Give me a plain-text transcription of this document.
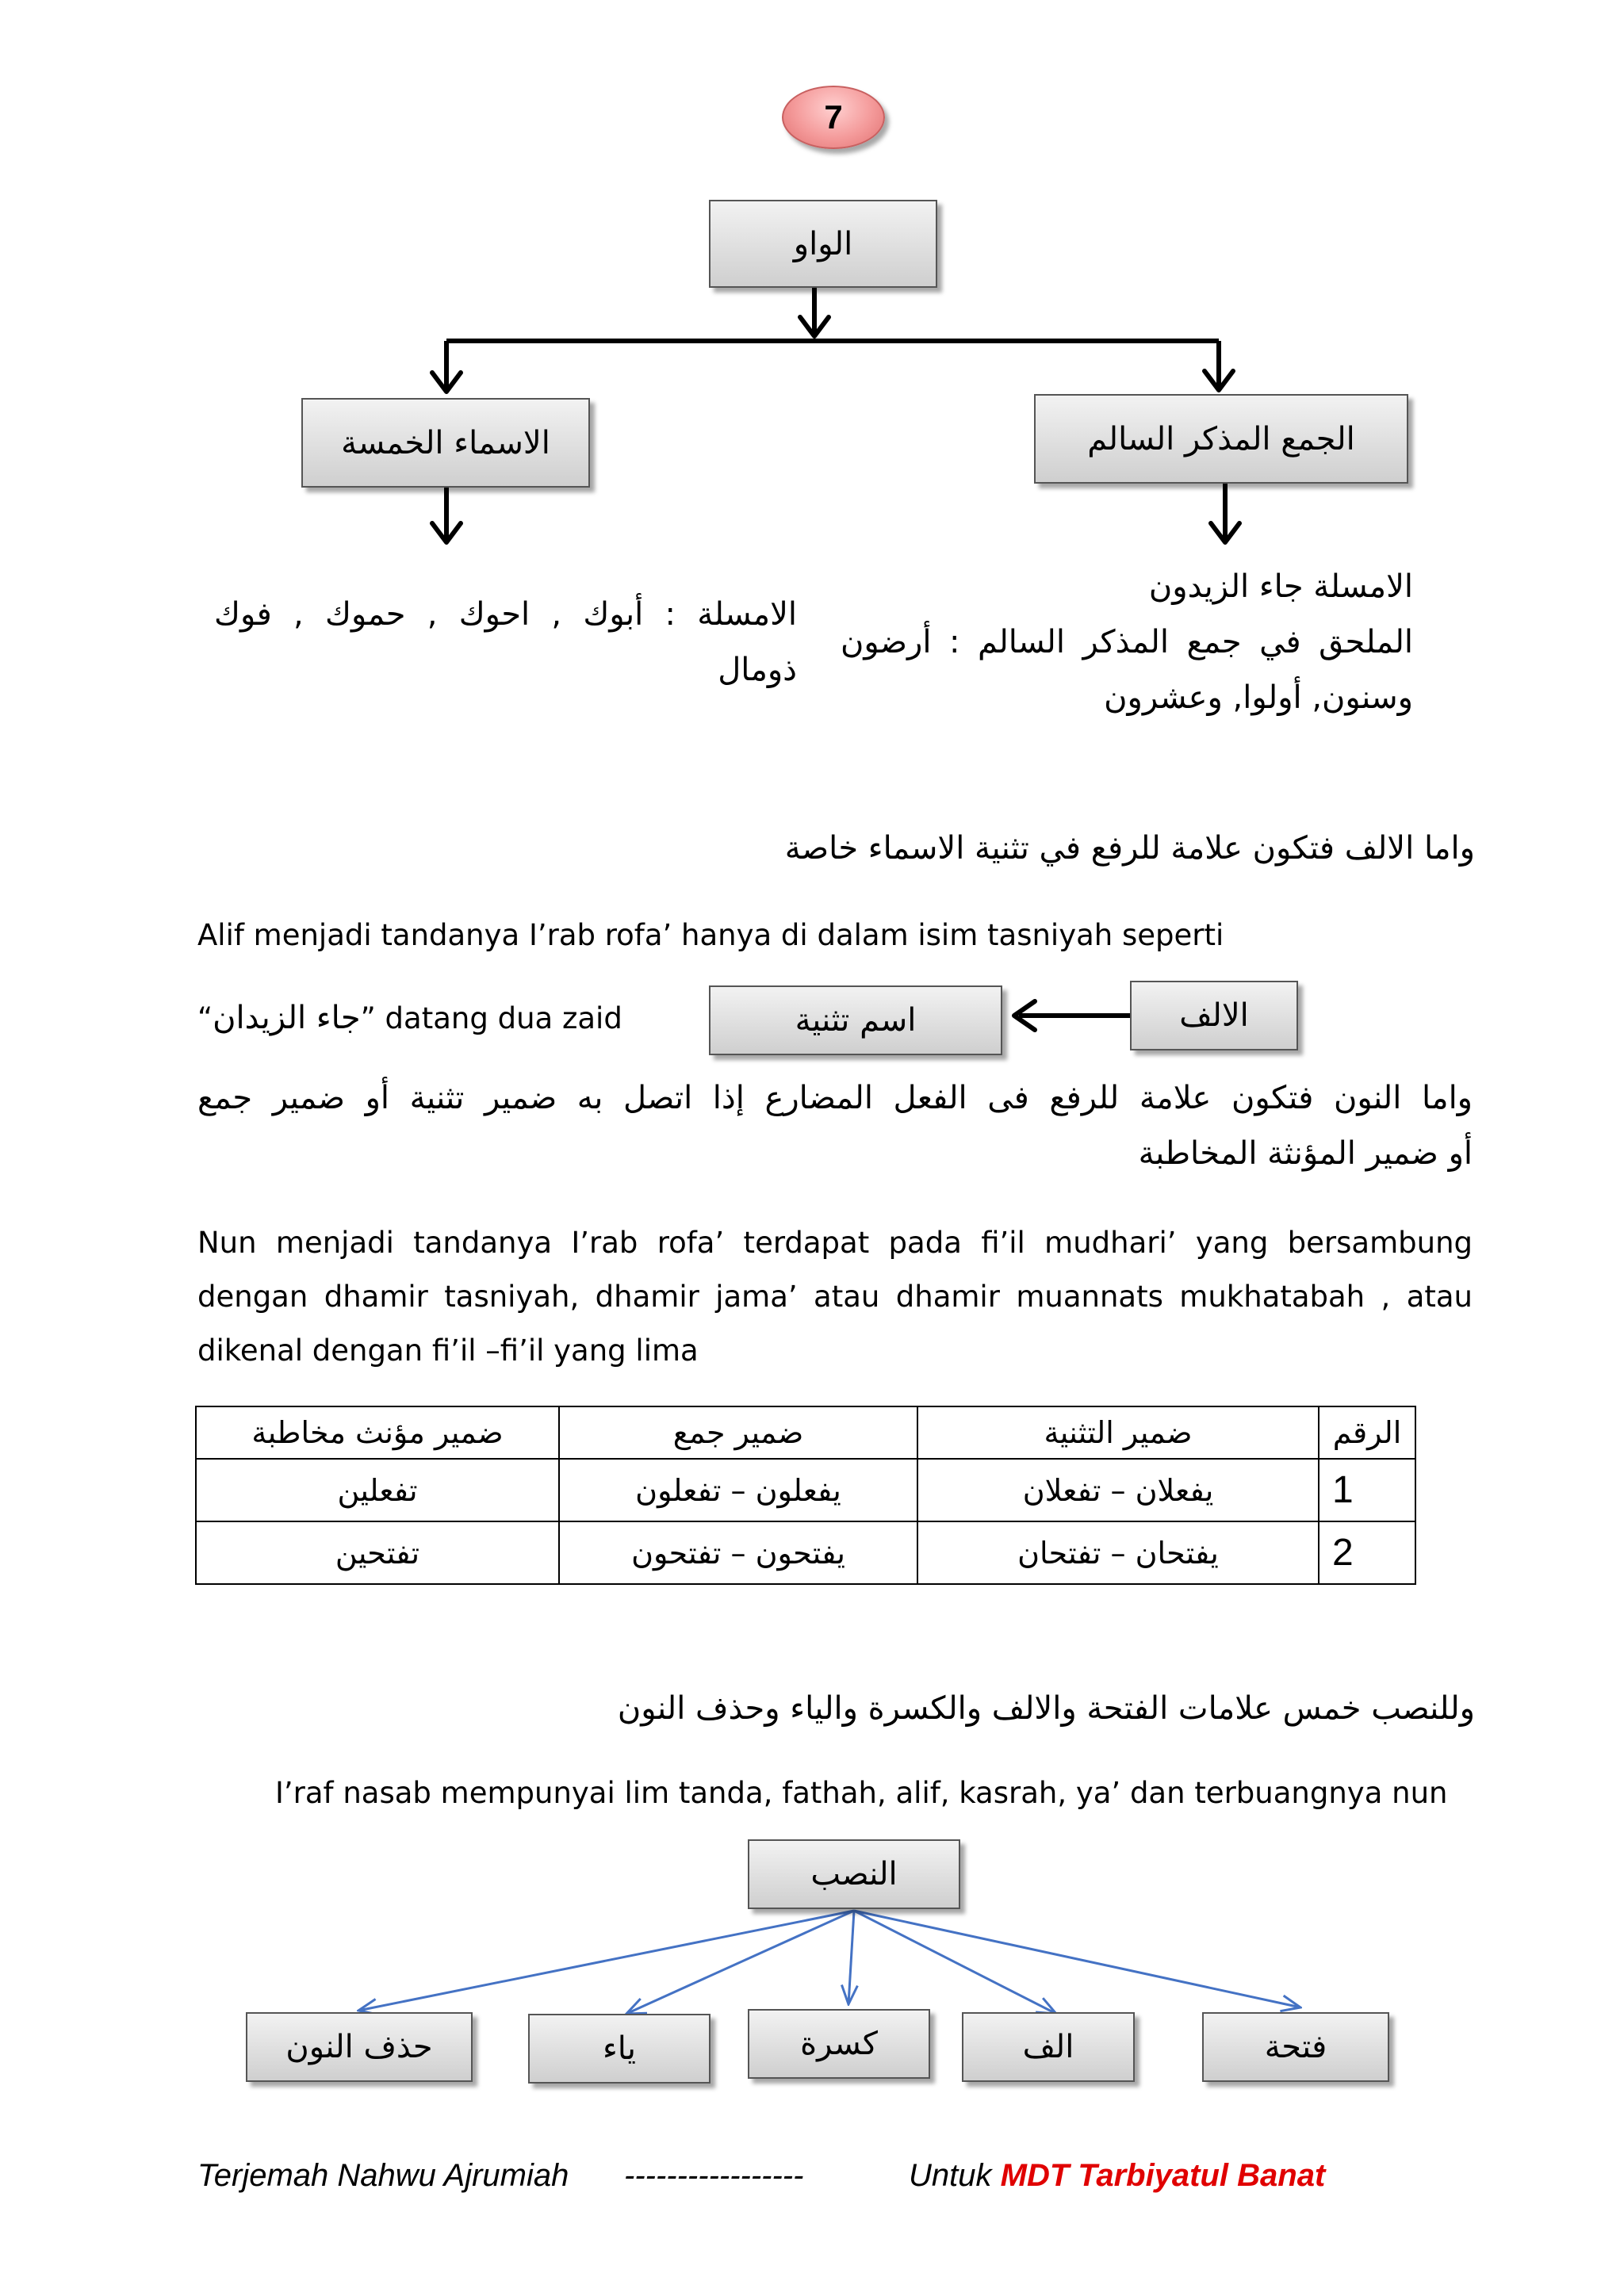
7
الواو
الاسماء الخمسة	الجمع المذكر السالم
الامسلة : أبوك , احوك , حموك , فوك
ذومال
الامسلة جاء الزيدون
الملحق في جمع المذكر السالم : أرضون
وسنون, أولوا, وعشرون
واما الالف فتكون علامة للرفع في تثنية الاسماء خاصة
Alif menjadi tandanya I’rab rofa’ hanya di dalam isim tasniyah seperti
“جاء الزيدان” datang dua zaid	الالف
اسم تثنية
واما النون فتكون علامة للرفع فى الفعل المضارع إذا اتصل به ضمير تثنية أو ضمير جمع
أو ضمير المؤنثة المخاطبة
Nun menjadi tandanya I’rab rofa’ terdapat pada fi’il mudhari’ yang bersambung
dengan dhamir tasniyah, dhamir jama’ atau dhamir muannats mukhatabah , atau
dikenal dengan fi’il –fi’il yang lima
ضمير مؤنث مخاطبة	ضمير جمع	ضمير التثنية	الرقم
تفعلين	يفعلون – تفعلون	يفعلان – تفعلان	1
تفتحين	يفتحون – تفتحون	يفتحان – تفتحان	2
وللنصب خمس علامات الفتحة والالف والكسرة والياء وحذف النون
I’raf nasab mempunyai lim tanda, fathah, alif, kasrah, ya’ dan terbuangnya nun
النصب
فتحة
الف
كسرة
ياء
حذف النون
Terjemah Nahwu Ajrumiah -----------------	Untuk MDT Tarbiyatul Banat
